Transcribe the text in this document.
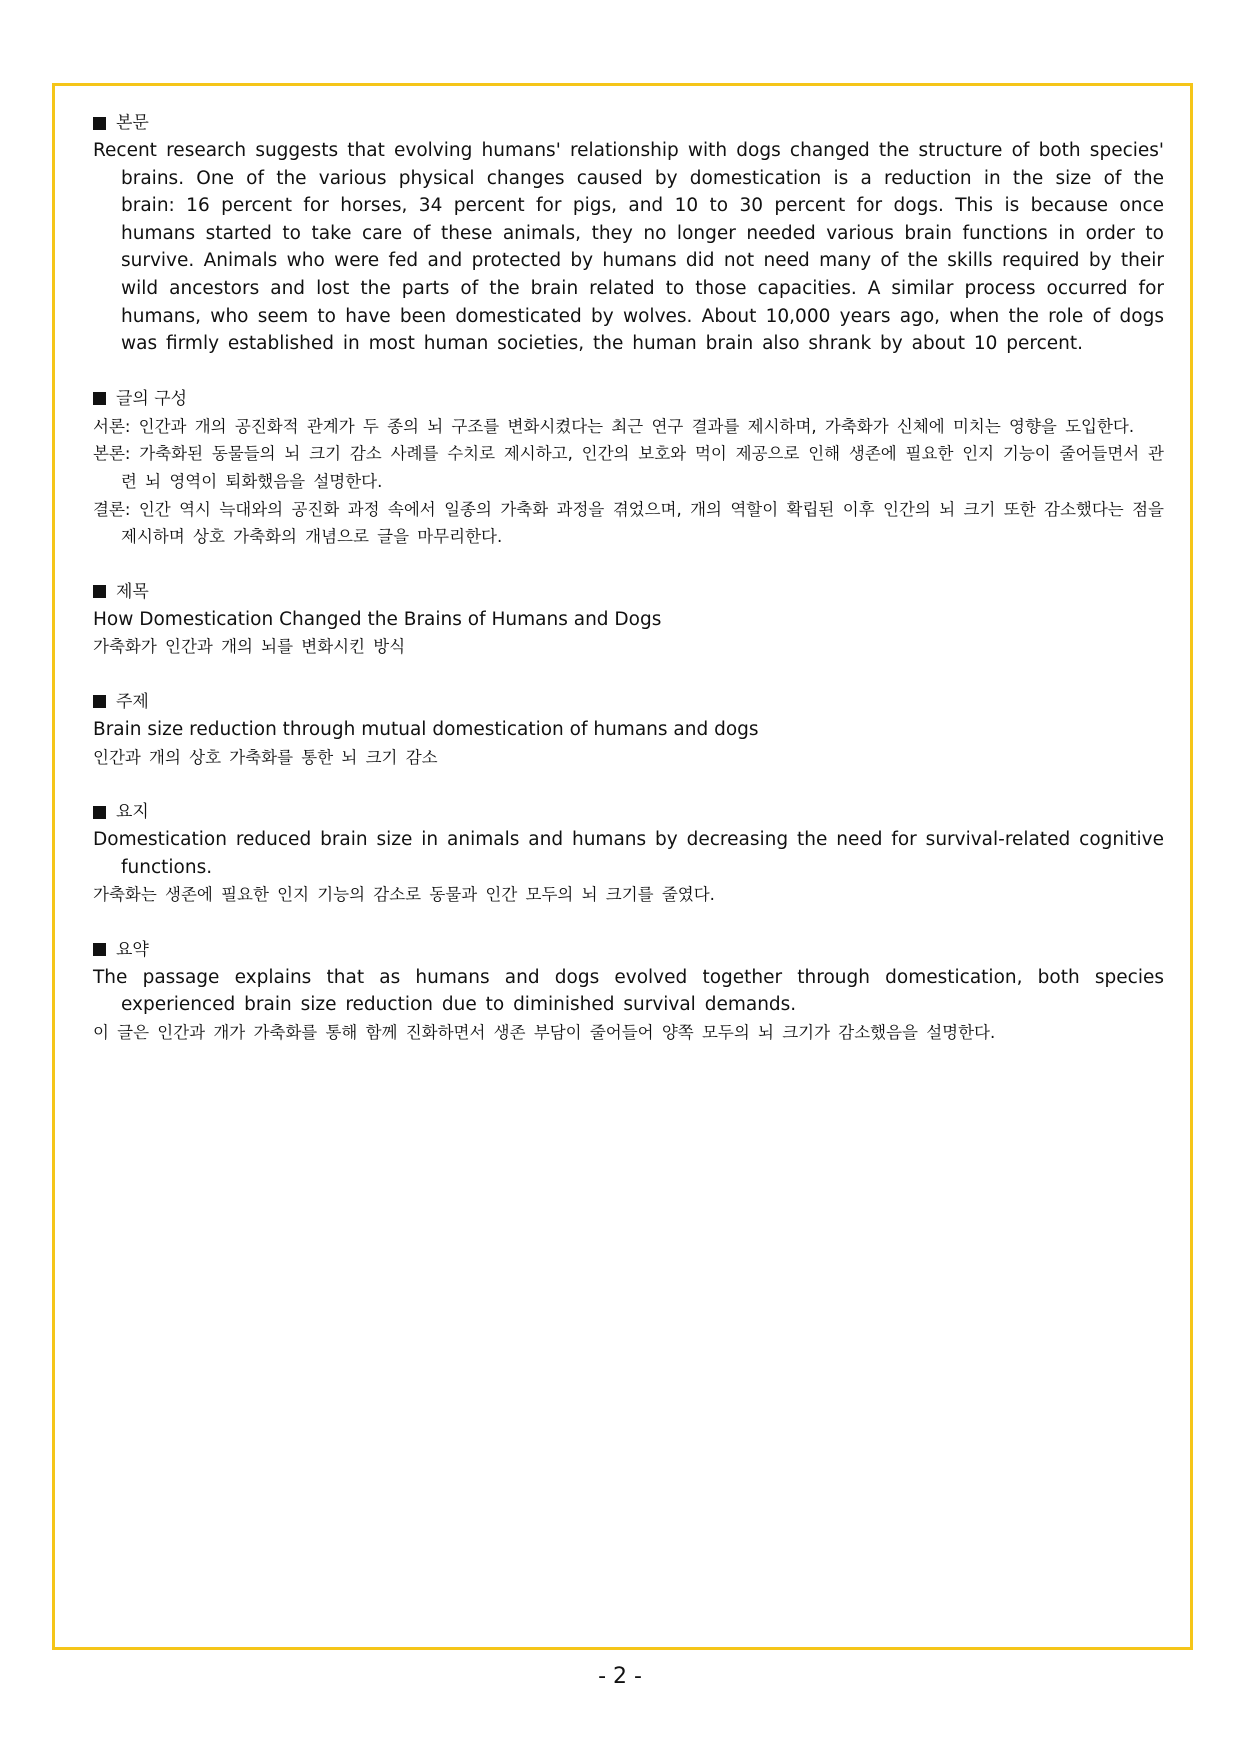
본문
Recent research suggests that evolving humans' relationship with dogs changed the structure of both species' brains. One of the various physical changes caused by domestication is a reduction in the size of the brain: 16 percent for horses, 34 percent for pigs, and 10 to 30 percent for dogs. This is because once humans started to take care of these animals, they no longer needed various brain functions in order to survive. Animals who were fed and protected by humans did not need many of the skills required by their wild ancestors and lost the parts of the brain related to those capacities. A similar process occurred for humans, who seem to have been domesticated by wolves. About 10,000 years ago, when the role of dogs was firmly established in most human societies, the human brain also shrank by about 10 percent.
글의 구성
서론: 인간과 개의 공진화적 관계가 두 종의 뇌 구조를 변화시켰다는 최근 연구 결과를 제시하며, 가축화가 신체에 미치는 영향을 도입한다.
본론: 가축화된 동물들의 뇌 크기 감소 사례를 수치로 제시하고, 인간의 보호와 먹이 제공으로 인해 생존에 필요한 인지 기능이 줄어들면서 관련 뇌 영역이 퇴화했음을 설명한다.
결론: 인간 역시 늑대와의 공진화 과정 속에서 일종의 가축화 과정을 겪었으며, 개의 역할이 확립된 이후 인간의 뇌 크기 또한 감소했다는 점을 제시하며 상호 가축화의 개념으로 글을 마무리한다.
제목
How Domestication Changed the Brains of Humans and Dogs
가축화가 인간과 개의 뇌를 변화시킨 방식
주제
Brain size reduction through mutual domestication of humans and dogs
인간과 개의 상호 가축화를 통한 뇌 크기 감소
요지
Domestication reduced brain size in animals and humans by decreasing the need for survival-related cognitive functions.
가축화는 생존에 필요한 인지 기능의 감소로 동물과 인간 모두의 뇌 크기를 줄였다.
요약
The passage explains that as humans and dogs evolved together through domestication, both species experienced brain size reduction due to diminished survival demands.
이 글은 인간과 개가 가축화를 통해 함께 진화하면서 생존 부담이 줄어들어 양쪽 모두의 뇌 크기가 감소했음을 설명한다.
- 2 -
